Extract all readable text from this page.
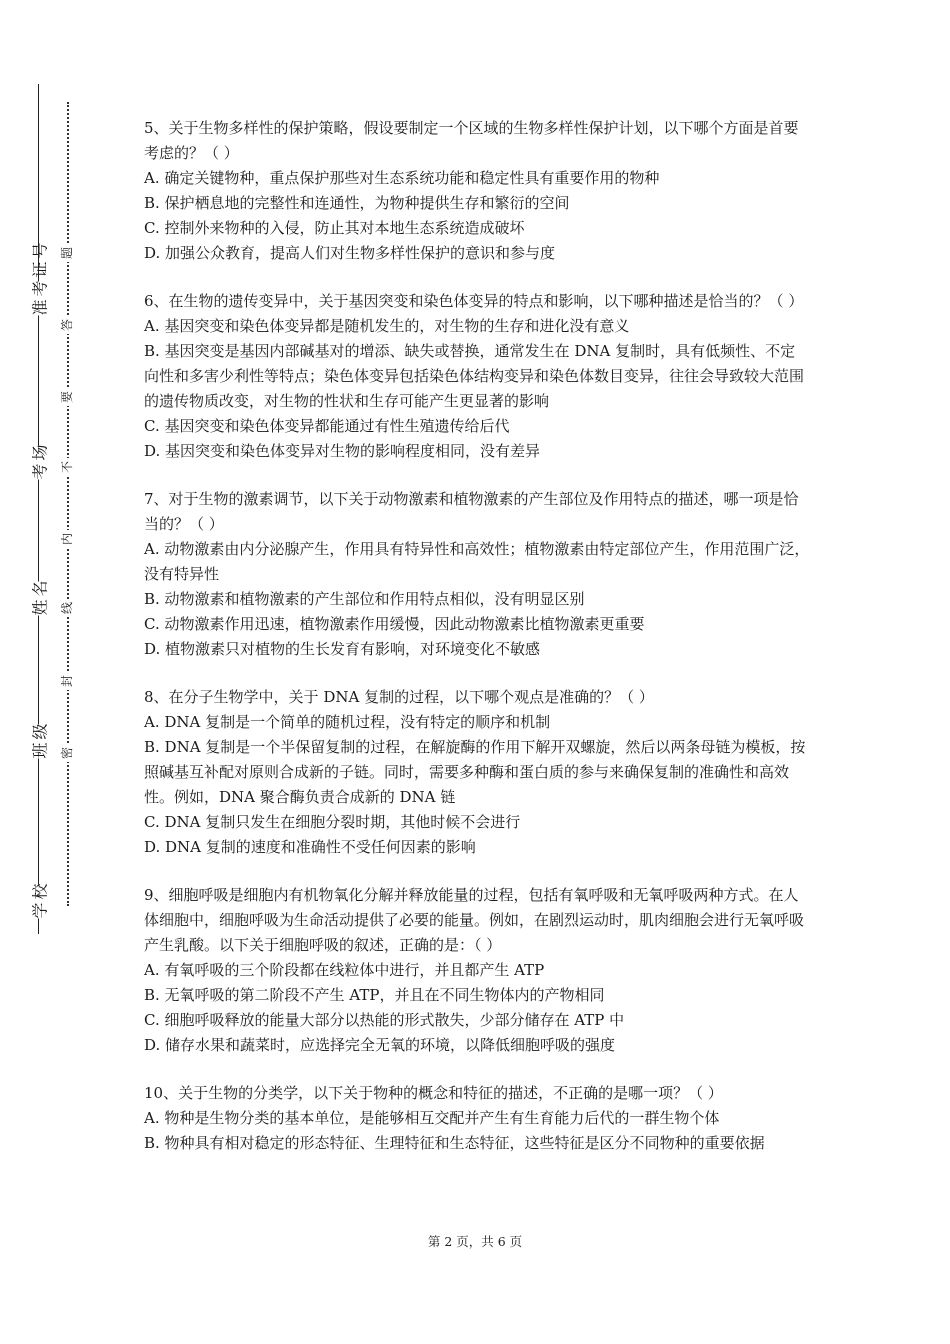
学校
班级
姓名
考场
准考证号
密
封
线
内
不
要
答
题

5、关于生物多样性的保护策略，假设要制定一个区域的生物多样性保护计划，以下哪个方面是首要考虑的？（ ）

A. 确定关键物种，重点保护那些对生态系统功能和稳定性具有重要作用的物种

B. 保护栖息地的完整性和连通性，为物种提供生存和繁衍的空间

C. 控制外来物种的入侵，防止其对本地生态系统造成破坏

D. 加强公众教育，提高人们对生物多样性保护的意识和参与度

6、在生物的遗传变异中，关于基因突变和染色体变异的特点和影响，以下哪种描述是恰当的？（ ）

A. 基因突变和染色体变异都是随机发生的，对生物的生存和进化没有意义

B. 基因突变是基因内部碱基对的增添、缺失或替换，通常发生在 DNA 复制时，具有低频性、不定向性和多害少利性等特点；染色体变异包括染色体结构变异和染色体数目变异，往往会导致较大范围的遗传物质改变，对生物的性状和生存可能产生更显著的影响

C. 基因突变和染色体变异都能通过有性生殖遗传给后代

D. 基因突变和染色体变异对生物的影响程度相同，没有差异

7、对于生物的激素调节，以下关于动物激素和植物激素的产生部位及作用特点的描述，哪一项是恰当的？（ ）

A. 动物激素由内分泌腺产生，作用具有特异性和高效性；植物激素由特定部位产生，作用范围广泛，没有特异性

B. 动物激素和植物激素的产生部位和作用特点相似，没有明显区别

C. 动物激素作用迅速，植物激素作用缓慢，因此动物激素比植物激素更重要

D. 植物激素只对植物的生长发育有影响，对环境变化不敏感

8、在分子生物学中，关于 DNA 复制的过程，以下哪个观点是准确的？（ ）

A. DNA 复制是一个简单的随机过程，没有特定的顺序和机制

B. DNA 复制是一个半保留复制的过程，在解旋酶的作用下解开双螺旋，然后以两条母链为模板，按照碱基互补配对原则合成新的子链。同时，需要多种酶和蛋白质的参与来确保复制的准确性和高效性。例如，DNA 聚合酶负责合成新的 DNA 链

C. DNA 复制只发生在细胞分裂时期，其他时候不会进行

D. DNA 复制的速度和准确性不受任何因素的影响

9、细胞呼吸是细胞内有机物氧化分解并释放能量的过程，包括有氧呼吸和无氧呼吸两种方式。在人体细胞中，细胞呼吸为生命活动提供了必要的能量。例如，在剧烈运动时，肌肉细胞会进行无氧呼吸产生乳酸。以下关于细胞呼吸的叙述，正确的是：（ ）

A. 有氧呼吸的三个阶段都在线粒体中进行，并且都产生 ATP

B. 无氧呼吸的第二阶段不产生 ATP，并且在不同生物体内的产物相同

C. 细胞呼吸释放的能量大部分以热能的形式散失，少部分储存在 ATP 中

D. 储存水果和蔬菜时，应选择完全无氧的环境，以降低细胞呼吸的强度

10、关于生物的分类学，以下关于物种的概念和特征的描述，不正确的是哪一项？（ ）

A. 物种是生物分类的基本单位，是能够相互交配并产生有生育能力后代的一群生物个体

B. 物种具有相对稳定的形态特征、生理特征和生态特征，这些特征是区分不同物种的重要依据

第 2 页，共 6 页
